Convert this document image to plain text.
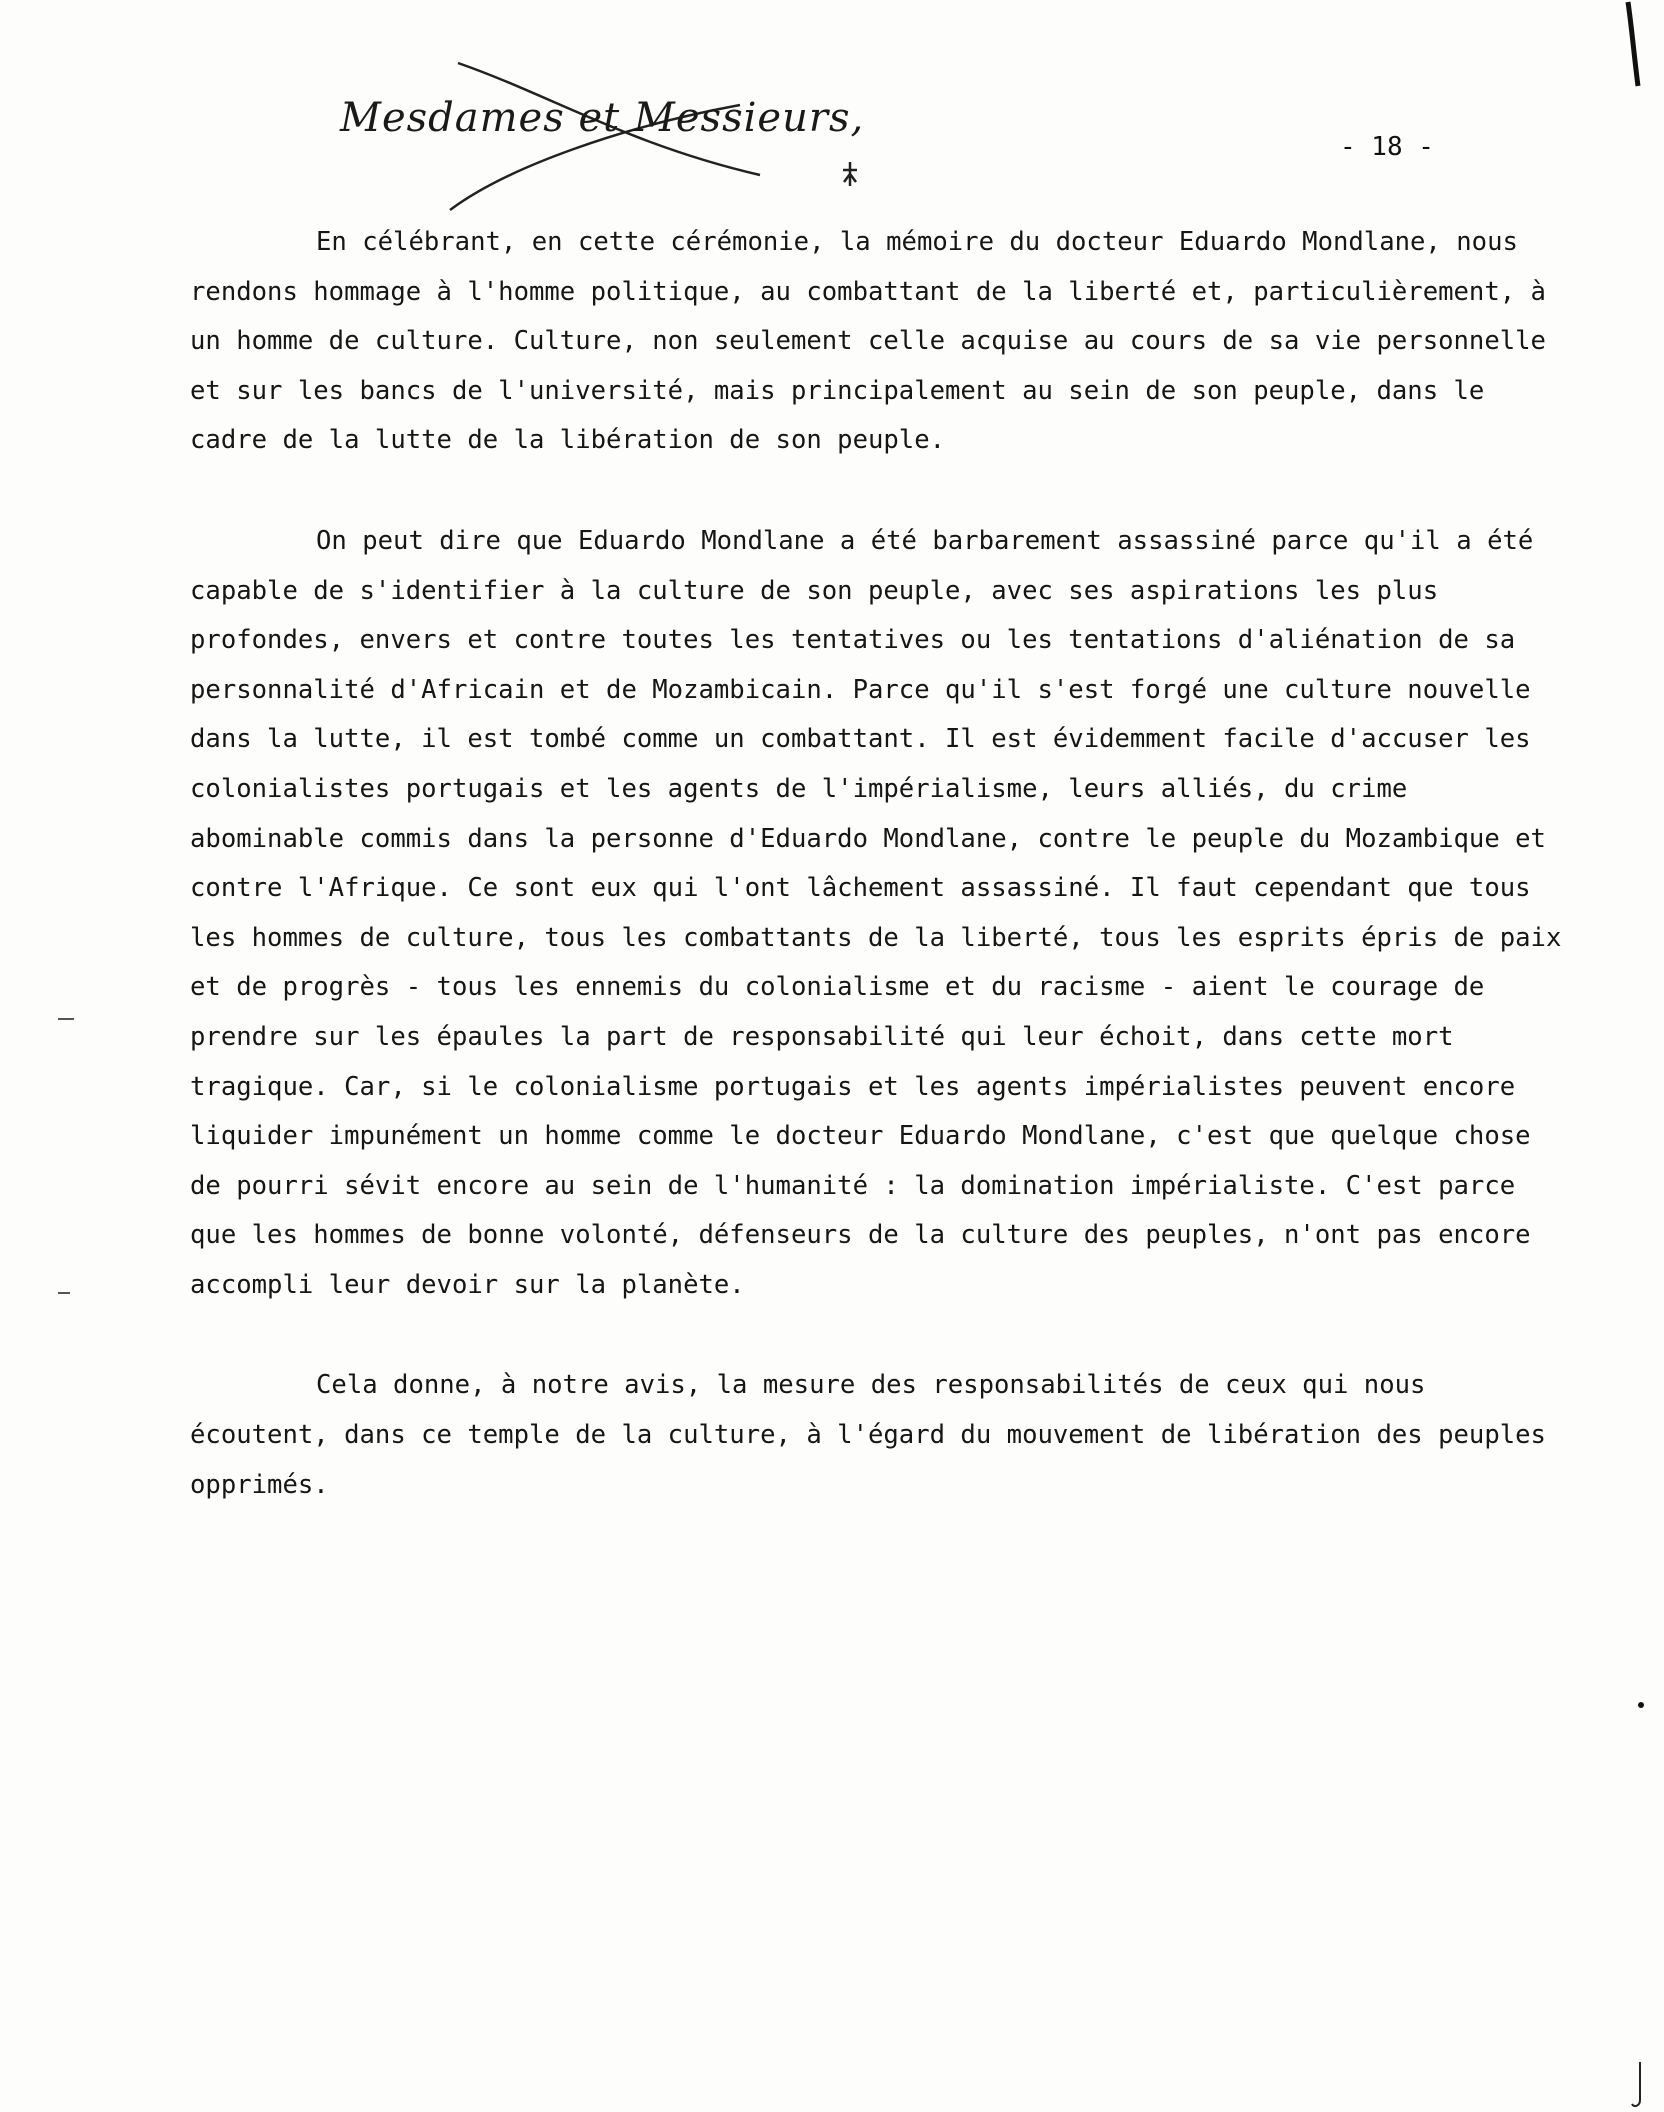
Mesdames et Messieurs,
- 18 -

En célébrant, en cette cérémonie, la mémoire du docteur Eduardo Mondlane, nous rendons hommage à l'homme politique, au combattant de la liberté et, particulièrement, à un homme de culture. Culture, non seulement celle acquise au cours de sa vie personnelle et sur les bancs de l'université, mais principalement au sein de son peuple, dans le cadre de la lutte de la libération de son peuple.

On peut dire que Eduardo Mondlane a été barbarement assassiné parce qu'il a été capable de s'identifier à la culture de son peuple, avec ses aspirations les plus profondes, envers et contre toutes les tentatives ou les tentations d'aliénation de sa personnalité d'Africain et de Mozambicain. Parce qu'il s'est forgé une culture nouvelle dans la lutte, il est tombé comme un combattant. Il est évidemment facile d'accuser les colonialistes portugais et les agents de l'impérialisme, leurs alliés, du crime abominable commis dans la personne d'Eduardo Mondlane, contre le peuple du Mozambique et contre l'Afrique. Ce sont eux qui l'ont lâchement assassiné. Il faut cependant que tous les hommes de culture, tous les combattants de la liberté, tous les esprits épris de paix et de progrès - tous les ennemis du colonialisme et du racisme - aient le courage de prendre sur les épaules la part de responsabilité qui leur échoit, dans cette mort tragique. Car, si le colonialisme portugais et les agents impérialistes peuvent encore liquider impunément un homme comme le docteur Eduardo Mondlane, c'est que quelque chose de pourri sévit encore au sein de l'humanité : la domination impérialiste. C'est parce que les hommes de bonne volonté, défenseurs de la culture des peuples, n'ont pas encore accompli leur devoir sur la planète.

Cela donne, à notre avis, la mesure des responsabilités de ceux qui nous écoutent, dans ce temple de la culture, à l'égard du mouvement de libération des peuples opprimés.
